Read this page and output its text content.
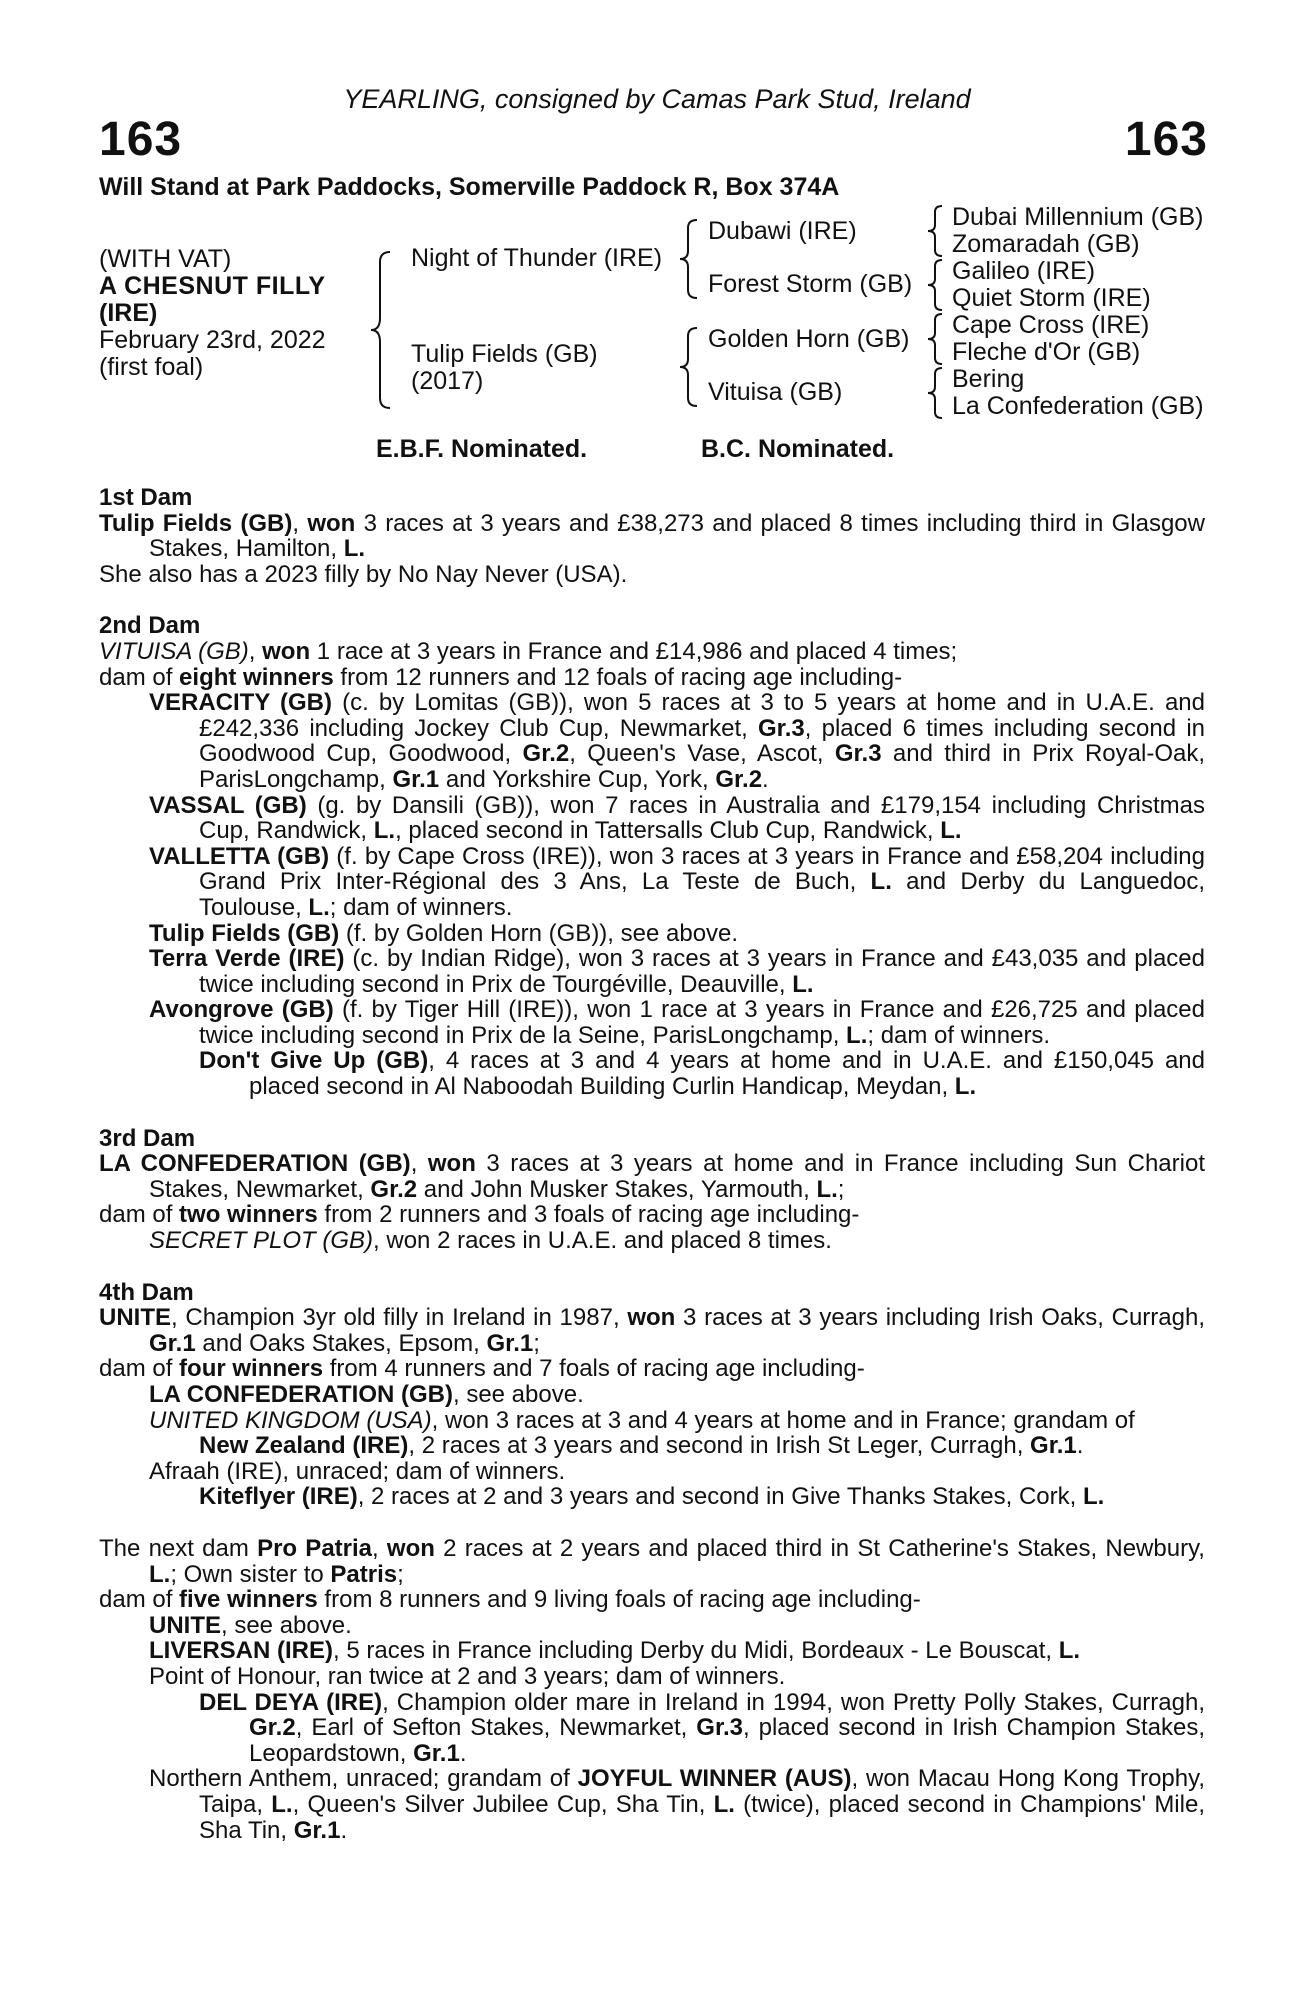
YEARLING, consigned by Camas Park Stud, Ireland
163	163
Will Stand at Park Paddocks, Somerville Paddock R, Box 374A
(WITH VAT)
A CHESNUT FILLY
(IRE)
February 23rd, 2022
(first foal)
Night of Thunder (IRE)
Tulip Fields (GB)
(2017)
Dubawi (IRE)
Forest Storm (GB)
Golden Horn (GB)
Vituisa (GB)
Dubai Millennium (GB)
Zomaradah (GB)
Galileo (IRE)
Quiet Storm (IRE)
Cape Cross (IRE)
Fleche d'Or (GB)
Bering
La Confederation (GB)
E.B.F. Nominated.	B.C. Nominated.
1st Dam
Tulip Fields (GB), won 3 races at 3 years and £38,273 and placed 8 times including third in Glasgow Stakes, Hamilton, L.
She also has a 2023 filly by No Nay Never (USA).
2nd Dam
VITUISA (GB), won 1 race at 3 years in France and £14,986 and placed 4 times;
dam of eight winners from 12 runners and 12 foals of racing age including-
VERACITY (GB) (c. by Lomitas (GB)), won 5 races at 3 to 5 years at home and in U.A.E. and £242,336 including Jockey Club Cup, Newmarket, Gr.3, placed 6 times including second in Goodwood Cup, Goodwood, Gr.2, Queen's Vase, Ascot, Gr.3 and third in Prix Royal-Oak, ParisLongchamp, Gr.1 and Yorkshire Cup, York, Gr.2.
VASSAL (GB) (g. by Dansili (GB)), won 7 races in Australia and £179,154 including Christmas Cup, Randwick, L., placed second in Tattersalls Club Cup, Randwick, L.
VALLETTA (GB) (f. by Cape Cross (IRE)), won 3 races at 3 years in France and £58,204 including Grand Prix Inter-Régional des 3 Ans, La Teste de Buch, L. and Derby du Languedoc, Toulouse, L.; dam of winners.
Tulip Fields (GB) (f. by Golden Horn (GB)), see above.
Terra Verde (IRE) (c. by Indian Ridge), won 3 races at 3 years in France and £43,035 and placed twice including second in Prix de Tourgéville, Deauville, L.
Avongrove (GB) (f. by Tiger Hill (IRE)), won 1 race at 3 years in France and £26,725 and placed twice including second in Prix de la Seine, ParisLongchamp, L.; dam of winners.
Don't Give Up (GB), 4 races at 3 and 4 years at home and in U.A.E. and £150,045 and placed second in Al Naboodah Building Curlin Handicap, Meydan, L.
3rd Dam
LA CONFEDERATION (GB), won 3 races at 3 years at home and in France including Sun Chariot Stakes, Newmarket, Gr.2 and John Musker Stakes, Yarmouth, L.;
dam of two winners from 2 runners and 3 foals of racing age including-
SECRET PLOT (GB), won 2 races in U.A.E. and placed 8 times.
4th Dam
UNITE, Champion 3yr old filly in Ireland in 1987, won 3 races at 3 years including Irish Oaks, Curragh, Gr.1 and Oaks Stakes, Epsom, Gr.1;
dam of four winners from 4 runners and 7 foals of racing age including-
LA CONFEDERATION (GB), see above.
UNITED KINGDOM (USA), won 3 races at 3 and 4 years at home and in France; grandam of
New Zealand (IRE), 2 races at 3 years and second in Irish St Leger, Curragh, Gr.1.
Afraah (IRE), unraced; dam of winners.
Kiteflyer (IRE), 2 races at 2 and 3 years and second in Give Thanks Stakes, Cork, L.
The next dam Pro Patria, won 2 races at 2 years and placed third in St Catherine's Stakes, Newbury, L.; Own sister to Patris;
dam of five winners from 8 runners and 9 living foals of racing age including-
UNITE, see above.
LIVERSAN (IRE), 5 races in France including Derby du Midi, Bordeaux - Le Bouscat, L.
Point of Honour, ran twice at 2 and 3 years; dam of winners.
DEL DEYA (IRE), Champion older mare in Ireland in 1994, won Pretty Polly Stakes, Curragh, Gr.2, Earl of Sefton Stakes, Newmarket, Gr.3, placed second in Irish Champion Stakes, Leopardstown, Gr.1.
Northern Anthem, unraced; grandam of JOYFUL WINNER (AUS), won Macau Hong Kong Trophy, Taipa, L., Queen's Silver Jubilee Cup, Sha Tin, L. (twice), placed second in Champions' Mile, Sha Tin, Gr.1.
